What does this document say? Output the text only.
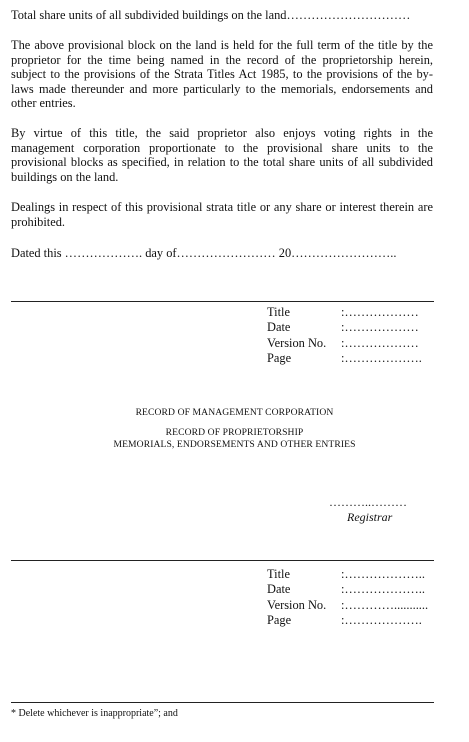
Total share units of all subdivided buildings on the land…………………………

The above provisional block on the land is held for the full term of the title by the proprietor for the time being named in the record of the proprietorship herein, subject to the provisions of the Strata Titles Act 1985, to the provisions of the by-laws made thereunder and more particularly to the memorials, endorsements and other entries.

By virtue of this title, the said proprietor also enjoys voting rights in the management corporation proportionate to the provisional share units to the provisional blocks as specified, in relation to the total share units of all subdivided buildings on the land.

Dealings in respect of this provisional strata title or any share or interest therein are prohibited.

Dated this ………………. day of…………………… 20……………………..
Title	:………………
Date	:………………
Version No. :………………
Page	:……………….
RECORD OF MANAGEMENT CORPORATION
RECORD OF PROPRIETORSHIP
MEMORIALS, ENDORSEMENTS AND OTHER ENTRIES
………..………
Registrar
Title	:………………..
Date	:………………..
Version No. :…………...........
Page	:……………….
* Delete whichever is inappropriate”; and
